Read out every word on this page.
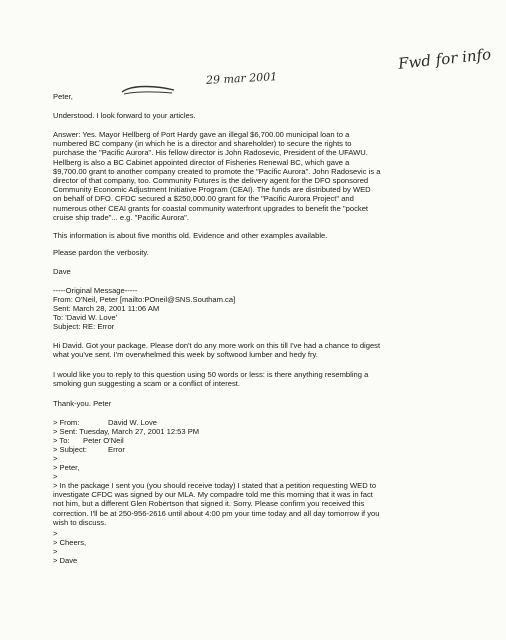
Fwd for info
29 mar 2001
Peter,
Understood. I look forward to your articles.
Answer: Yes. Mayor Hellberg of Port Hardy gave an illegal $6,700.00 municipal loan to a
numbered BC company (in which he is a director and shareholder) to secure the rights to
purchase the "Pacific Aurora". His fellow director is John Radosevic, President of the UFAWU.
Hellberg is also a BC Cabinet appointed director of Fisheries Renewal BC, which gave a
$9,700.00 grant to another company created to promote the "Pacific Aurora". John Radosevic is a
director of that company, too. Community Futures is the delivery agent for the DFO sponsored
Community Economic Adjustment Initiative Program (CEAI). The funds are distributed by WED
on behalf of DFO. CFDC secured a $250,000.00 grant for the "Pacific Aurora Project" and
numerous other CEAI grants for coastal community waterfront upgrades to benefit the "pocket
cruise ship trade"... e.g. "Pacific Aurora".
This information is about five months old. Evidence and other examples available.
Please pardon the verbosity.
Dave
-----Original Message-----
From: O'Neil, Peter [mailto:POneil@SNS.Southam.ca]
Sent: March 28, 2001 11:06 AM
To: 'David W. Love'
Subject: RE: Error
Hi David. Got your package. Please don't do any more work on this till I've had a chance to digest
what you've sent. I'm overwhelmed this week by softwood lumber and hedy fry.
I would like you to reply to this question using 50 words or less: is there anything resembling a
smoking gun suggesting a scam or a conflict of interest.
Thank-you. Peter
> From:	David W. Love
> Sent: Tuesday, March 27, 2001 12:53 PM
> To: Peter O'Neil
> Subject:	Error
>
> Peter,
>
> In the package I sent you (you should receive today) I stated that a petition requesting WED to
investigate CFDC was signed by our MLA. My compadre told me this morning that it was in fact
not him, but a different Glen Robertson that signed it. Sorry. Please confirm you received this
correction. I'll be at 250-956-2616 until about 4:00 pm your time today and all day tomorrow if you
wish to discuss.
>
> Cheers,
>
> Dave
